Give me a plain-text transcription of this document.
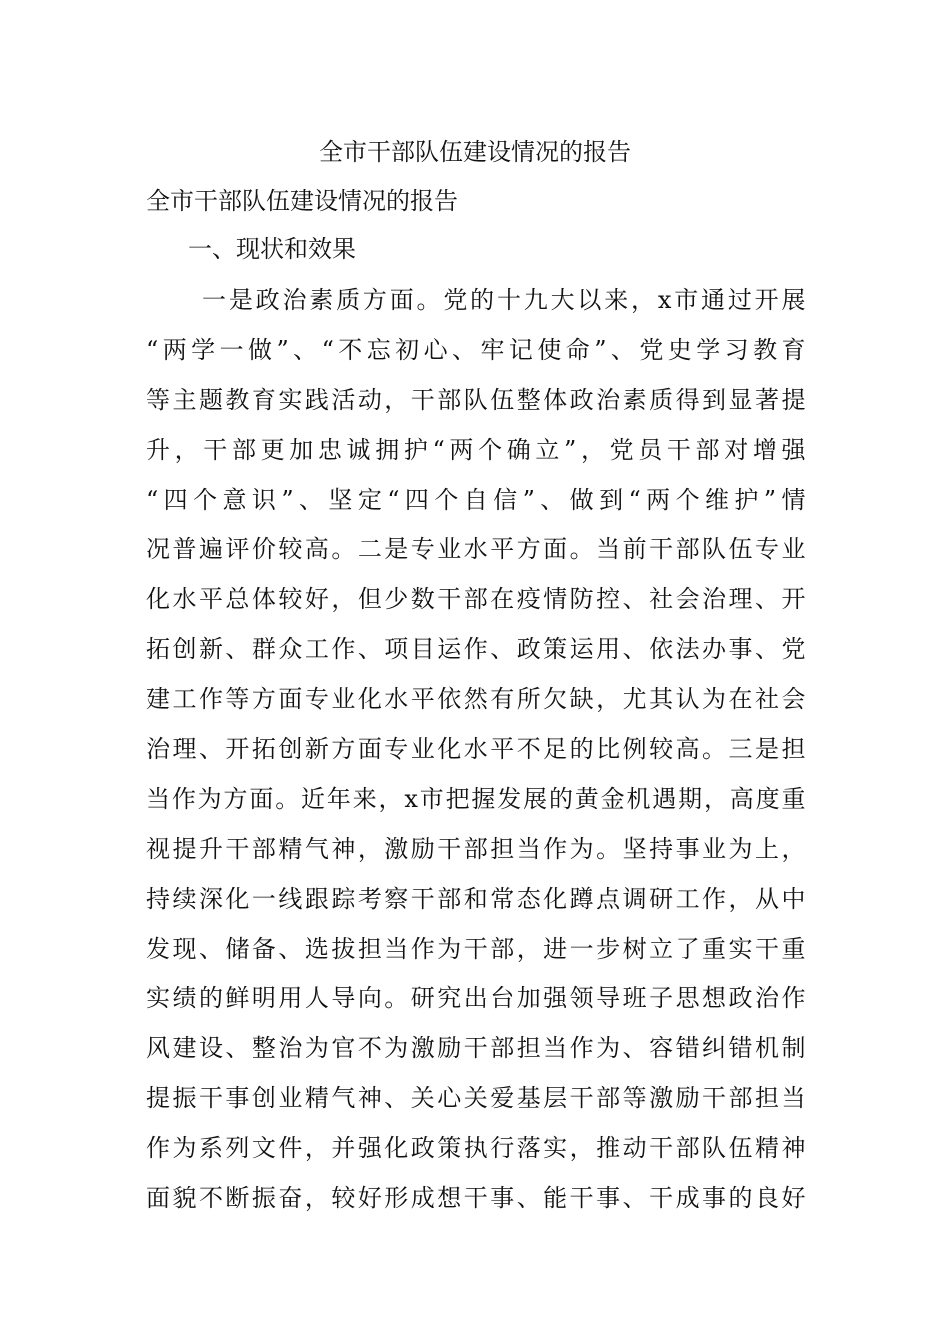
全市干部队伍建设情况的报告
全市干部队伍建设情况的报告
一、现状和效果
一是政治素质方面。党的十九大以来，x市通过开展
“两学一做”、“不忘初心、牢记使命”、党史学习教育
等主题教育实践活动，干部队伍整体政治素质得到显著提
升，干部更加忠诚拥护“两个确立”，党员干部对增强
“四个意识”、坚定“四个自信”、做到“两个维护”情
况普遍评价较高。二是专业水平方面。当前干部队伍专业
化水平总体较好，但少数干部在疫情防控、社会治理、开
拓创新、群众工作、项目运作、政策运用、依法办事、党
建工作等方面专业化水平依然有所欠缺，尤其认为在社会
治理、开拓创新方面专业化水平不足的比例较高。三是担
当作为方面。近年来，x市把握发展的黄金机遇期，高度重
视提升干部精气神，激励干部担当作为。坚持事业为上，
持续深化一线跟踪考察干部和常态化蹲点调研工作，从中
发现、储备、选拔担当作为干部，进一步树立了重实干重
实绩的鲜明用人导向。研究出台加强领导班子思想政治作
风建设、整治为官不为激励干部担当作为、容错纠错机制
提振干事创业精气神、关心关爱基层干部等激励干部担当
作为系列文件，并强化政策执行落实，推动干部队伍精神
面貌不断振奋，较好形成想干事、能干事、干成事的良好
